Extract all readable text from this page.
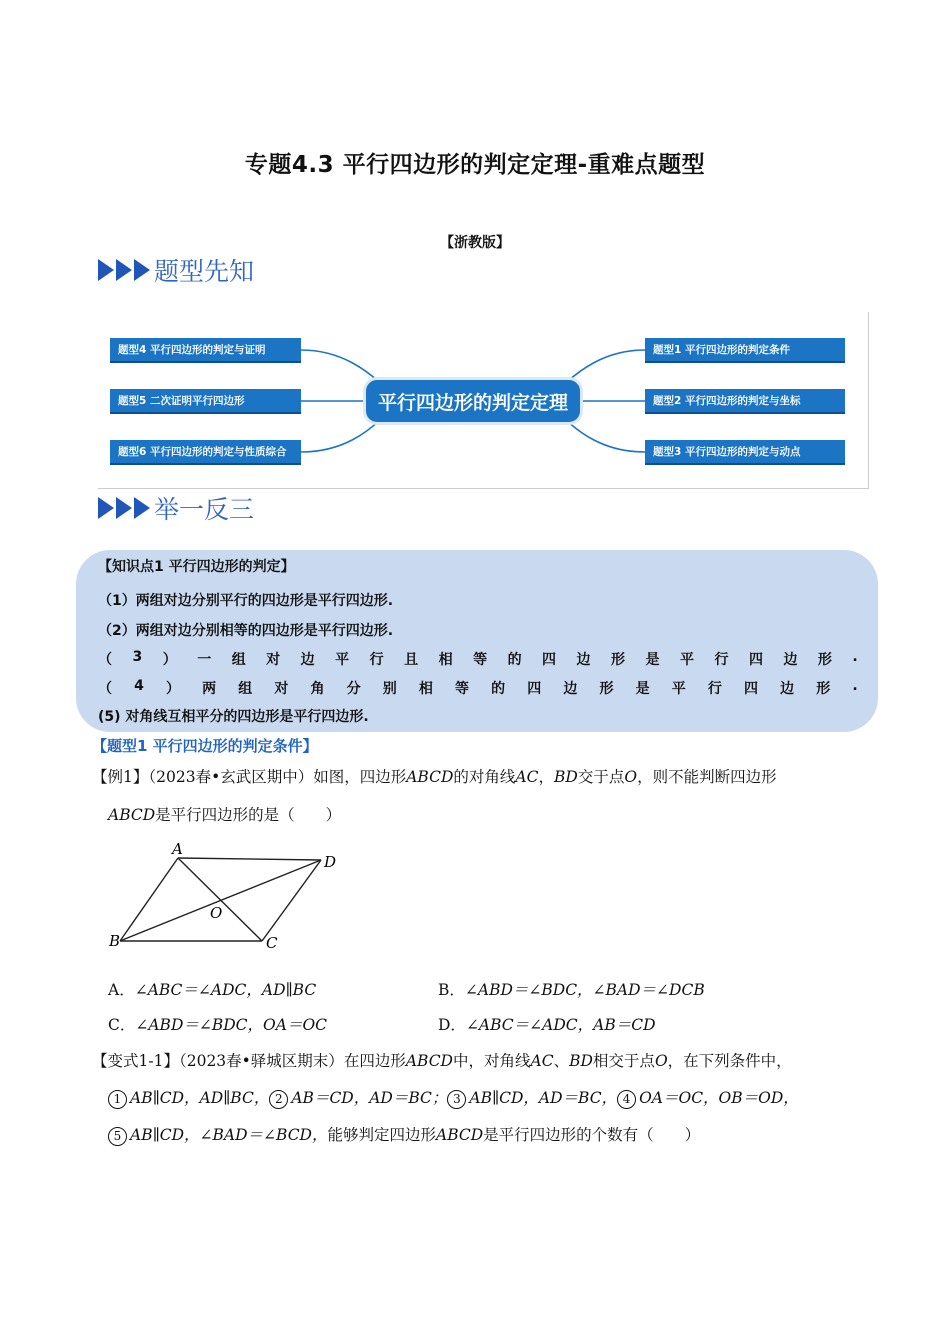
专题4.3 平行四边形的判定定理-重难点题型
【浙教版】
题型先知
题型4 平行四边形的判定与证明
题型5 二次证明平行四边形
题型6 平行四边形的判定与性质综合
题型1 平行四边形的判定条件
题型2 平行四边形的判定与坐标
题型3 平行四边形的判定与动点
平行四边形的判定定理
举一反三
【知识点1 平行四边形的判定】
（1）两组对边分别平行的四边形是平行四边形.
（2）两组对边分别相等的四边形是平行四边形.
（ 3 ） 一 组 对 边 平 行 且 相 等 的 四 边 形 是 平 行 四 边 形 .
（ 4 ） 两 组 对 角 分 别 相 等 的 四 边 形 是 平 行 四 边 形 .
(5) 对角线互相平分的四边形是平行四边形.
【题型1 平行四边形的判定条件】
【例1】（2023春•玄武区期中）如图，四边形ABCD的对角线AC，BD交于点O，则不能判断四边形
ABCD是平行四边形的是（　　）
A
D
B	C
O
A．∠ABC＝∠ADC，AD∥BC	B．∠ABD＝∠BDC，∠BAD＝∠DCB
C．∠ABD＝∠BDC，OA＝OC	D．∠ABC＝∠ADC，AB＝CD
【变式1-1】（2023春•驿城区期末）在四边形ABCD中，对角线AC、BD相交于点O，在下列条件中，
1 AB∥CD，AD∥BC， 2 AB＝CD，AD＝BC； 3 AB∥CD，AD＝BC， 4 OA＝OC，OB＝OD，
5 AB∥CD，∠BAD＝∠BCD，能够判定四边形ABCD是平行四边形的个数有（　　）
